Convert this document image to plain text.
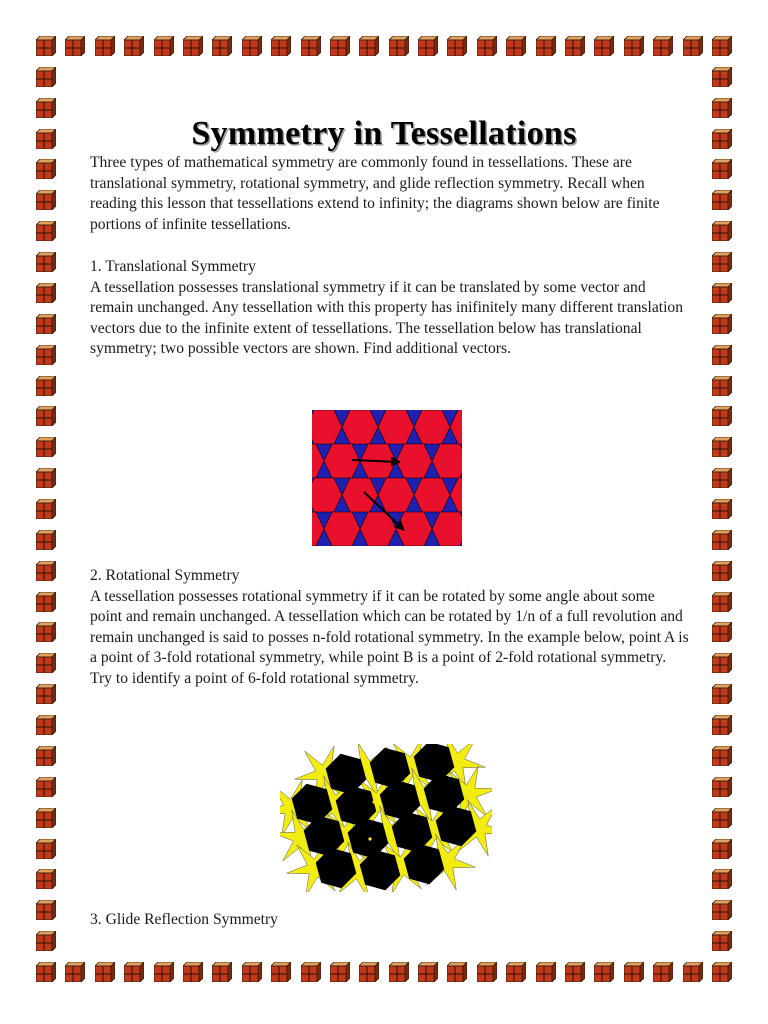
Symmetry in Tessellations

Three types of mathematical symmetry are commonly found in tessellations. These are translational symmetry, rotational symmetry, and glide reflection symmetry. Recall when reading this lesson that tessellations extend to infinity; the diagrams shown below are finite portions of infinite tessellations.

1. Translational Symmetry
A tessellation possesses translational symmetry if it can be translated by some vector and remain unchanged. Any tessellation with this property has inifinitely many different translation vectors due to the infinite extent of tessellations. The tessellation below has translational symmetry; two possible vectors are shown. Find additional vectors.
2. Rotational Symmetry
A tessellation possesses rotational symmetry if it can be rotated by some angle about some point and remain unchanged. A tessellation which can be rotated by 1/n of a full revolution and remain unchanged is said to posses n-fold rotational symmetry. In the example below, point A is a point of 3-fold rotational symmetry, while point B is a point of 2-fold rotational symmetry. Try to identify a point of 6-fold rotational symmetry.
3. Glide Reflection Symmetry
